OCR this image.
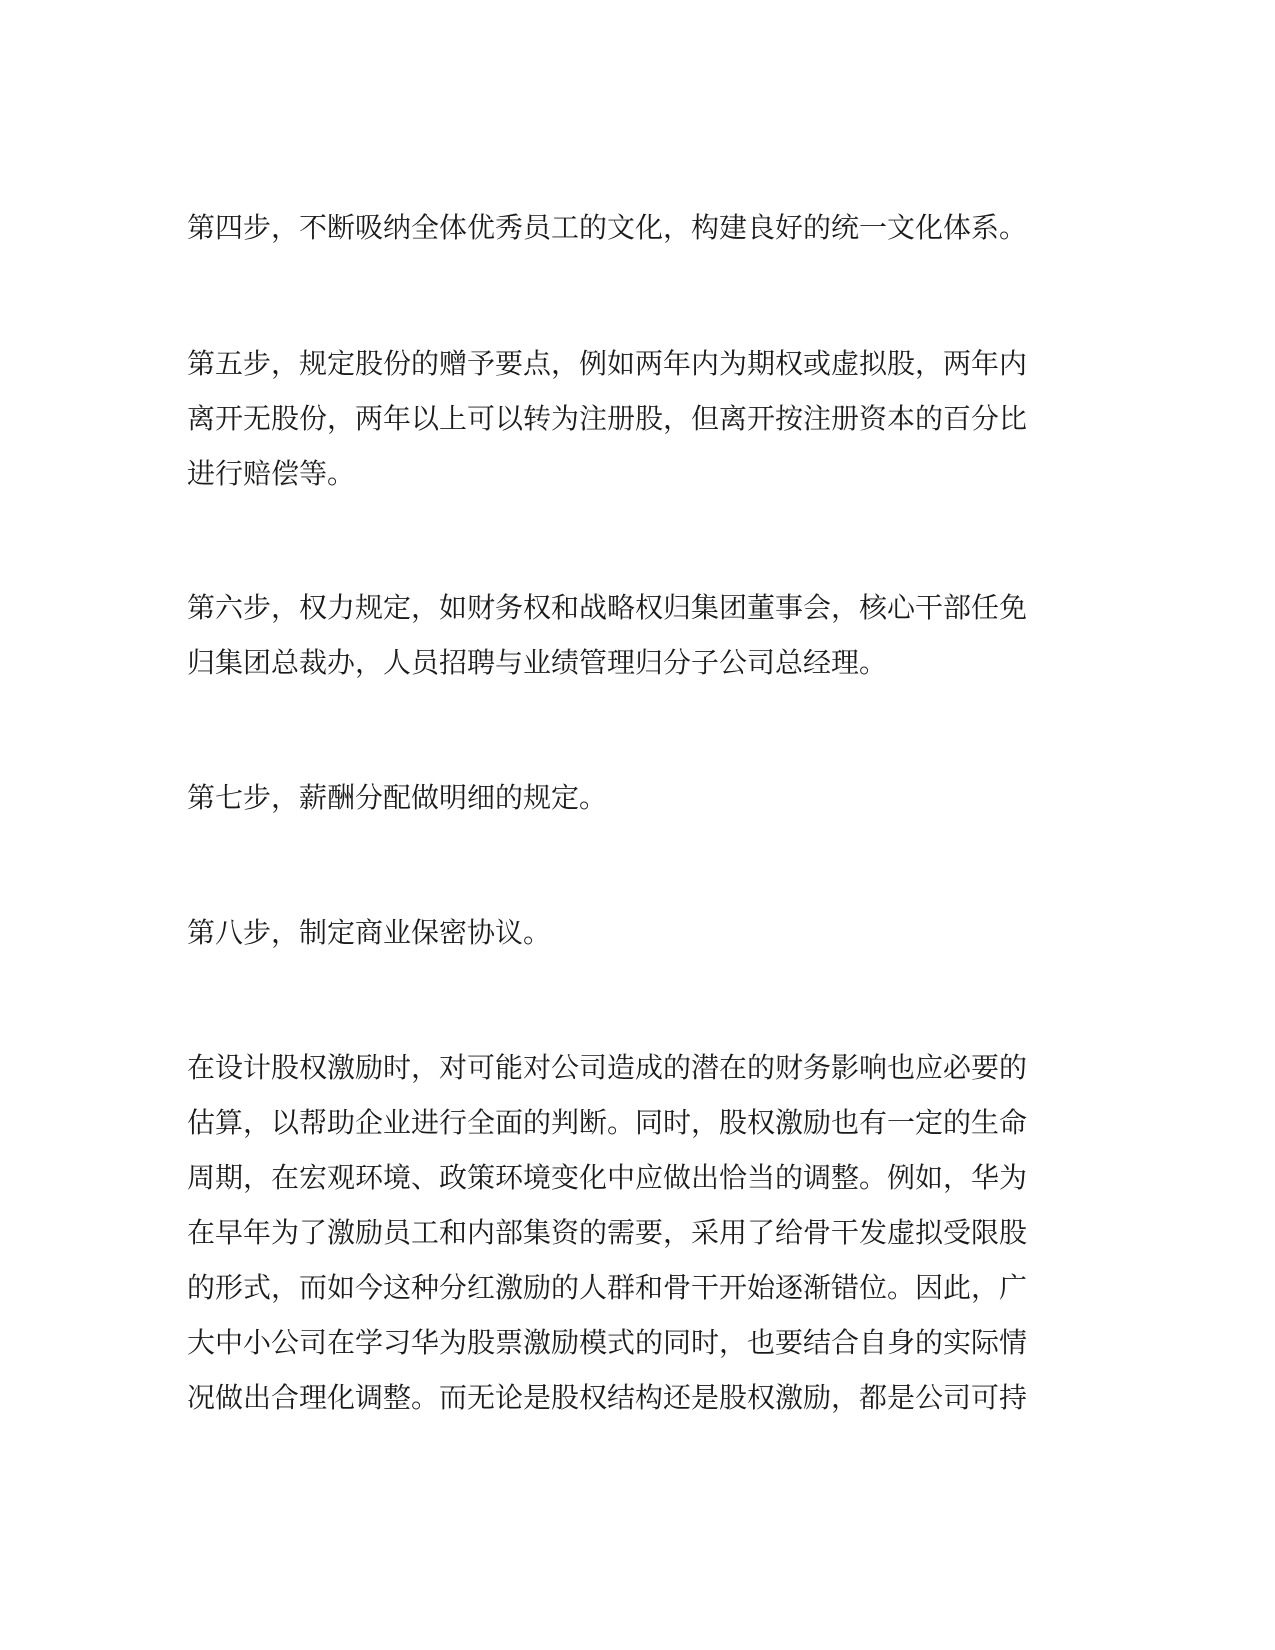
第四步，不断吸纳全体优秀员工的文化，构建良好的统一文化体系。

第五步，规定股份的赠予要点，例如两年内为期权或虚拟股，两年内
离开无股份，两年以上可以转为注册股，但离开按注册资本的百分比
进行赔偿等。

第六步，权力规定，如财务权和战略权归集团董事会，核心干部任免
归集团总裁办，人员招聘与业绩管理归分子公司总经理。

第七步，薪酬分配做明细的规定。

第八步，制定商业保密协议。

在设计股权激励时，对可能对公司造成的潜在的财务影响也应必要的
估算，以帮助企业进行全面的判断。同时，股权激励也有一定的生命
周期，在宏观环境、政策环境变化中应做出恰当的调整。例如，华为
在早年为了激励员工和内部集资的需要，采用了给骨干发虚拟受限股
的形式，而如今这种分红激励的人群和骨干开始逐渐错位。因此，广
大中小公司在学习华为股票激励模式的同时，也要结合自身的实际情
况做出合理化调整。而无论是股权结构还是股权激励，都是公司可持
